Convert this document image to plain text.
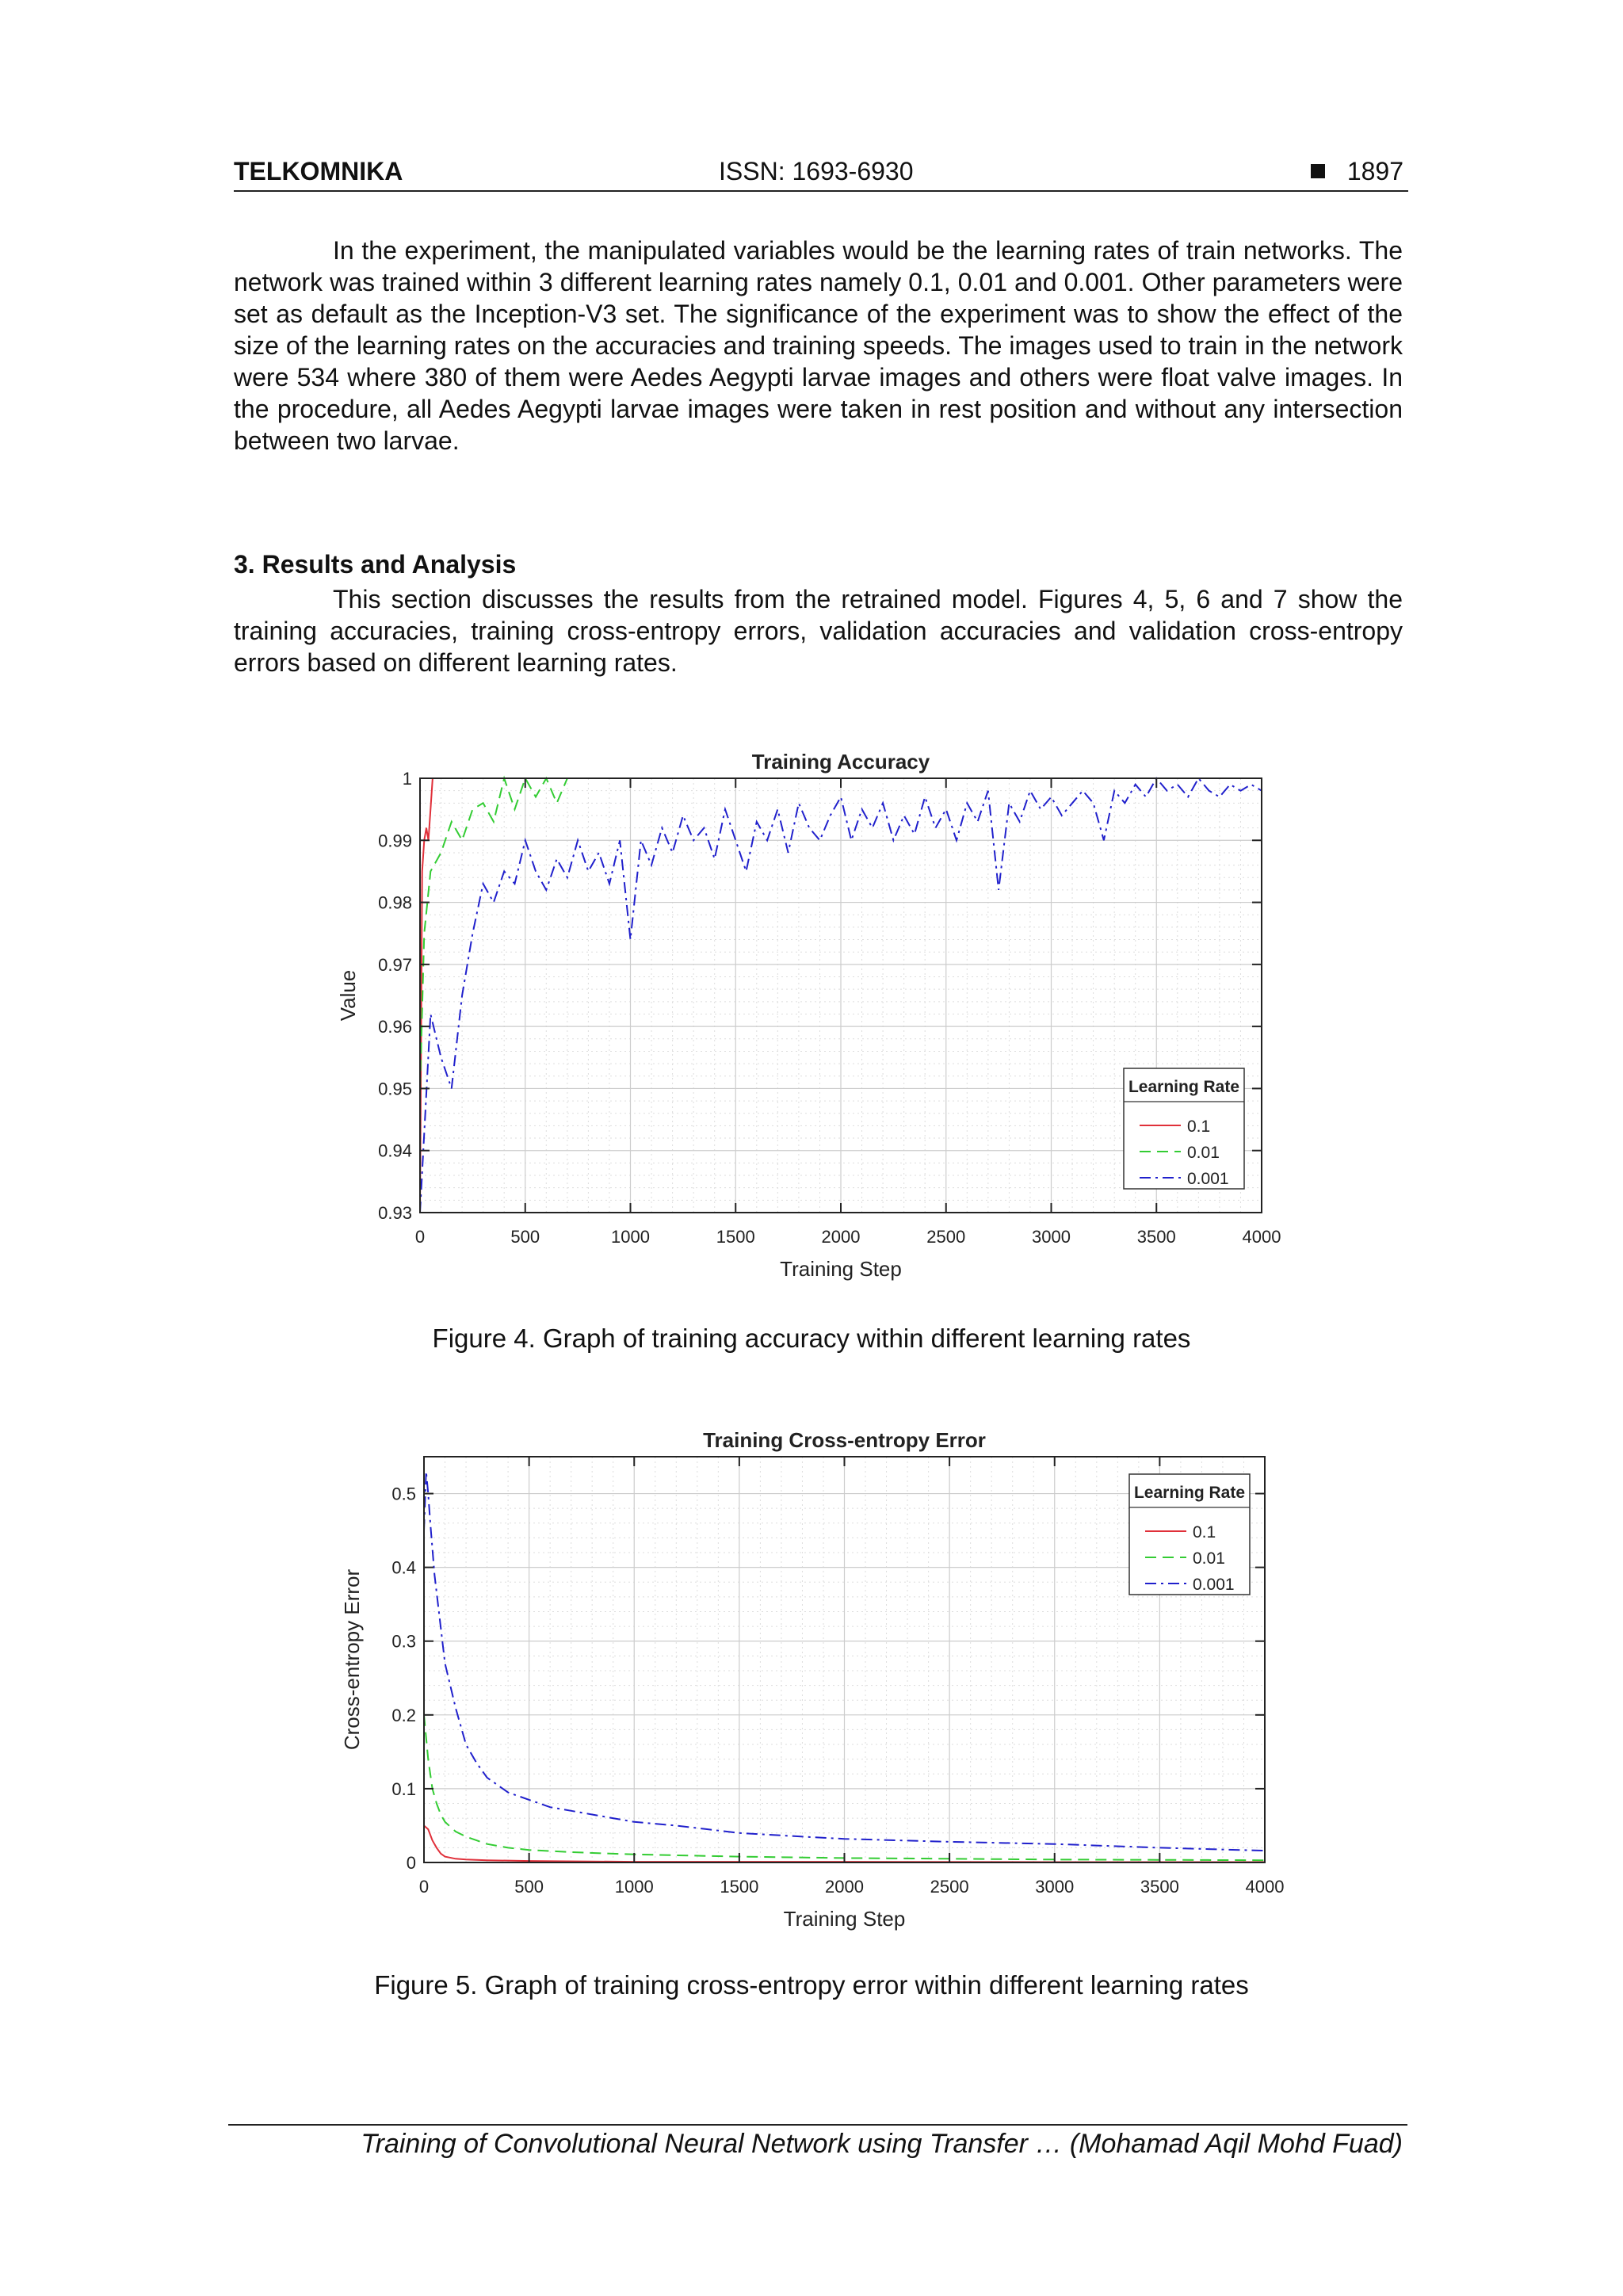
TELKOMNIKA	ISSN: 1693-6930	1897

In the experiment, the manipulated variables would be the learning rates of train networks. The network was trained within 3 different learning rates namely 0.1, 0.01 and 0.001. Other parameters were set as default as the Inception-V3 set. The significance of the experiment was to show the effect of the size of the learning rates on the accuracies and training speeds. The images used to train in the network were 534 where 380 of them were Aedes Aegypti larvae images and others were float valve images. In the procedure, all Aedes Aegypti larvae images were taken in rest position and without any intersection between two larvae.

3. Results and Analysis

This section discusses the results from the retrained model. Figures 4, 5, 6 and 7 show the training accuracies, training cross-entropy errors, validation accuracies and validation cross-entropy errors based on different learning rates.

0	500	1000	1500	2000	2500	3000	3500	4000
0.93
0.94
0.95
0.96
0.97
0.98
0.99
1
Training Accuracy
Training Step
Value
Learning Rate
0.1
0.01
0.001
Figure 4. Graph of training accuracy within different learning rates
0	500	1000	1500	2000	2500	3000	3500	4000
0
0.1
0.2
0.3
0.4
0.5
Training Cross-entropy Error
Training Step
Cross-entropy Error
Learning Rate
0.1
0.01
0.001
Figure 5. Graph of training cross-entropy error within different learning rates
Training of Convolutional Neural Network using Transfer … (Mohamad Aqil Mohd Fuad)
